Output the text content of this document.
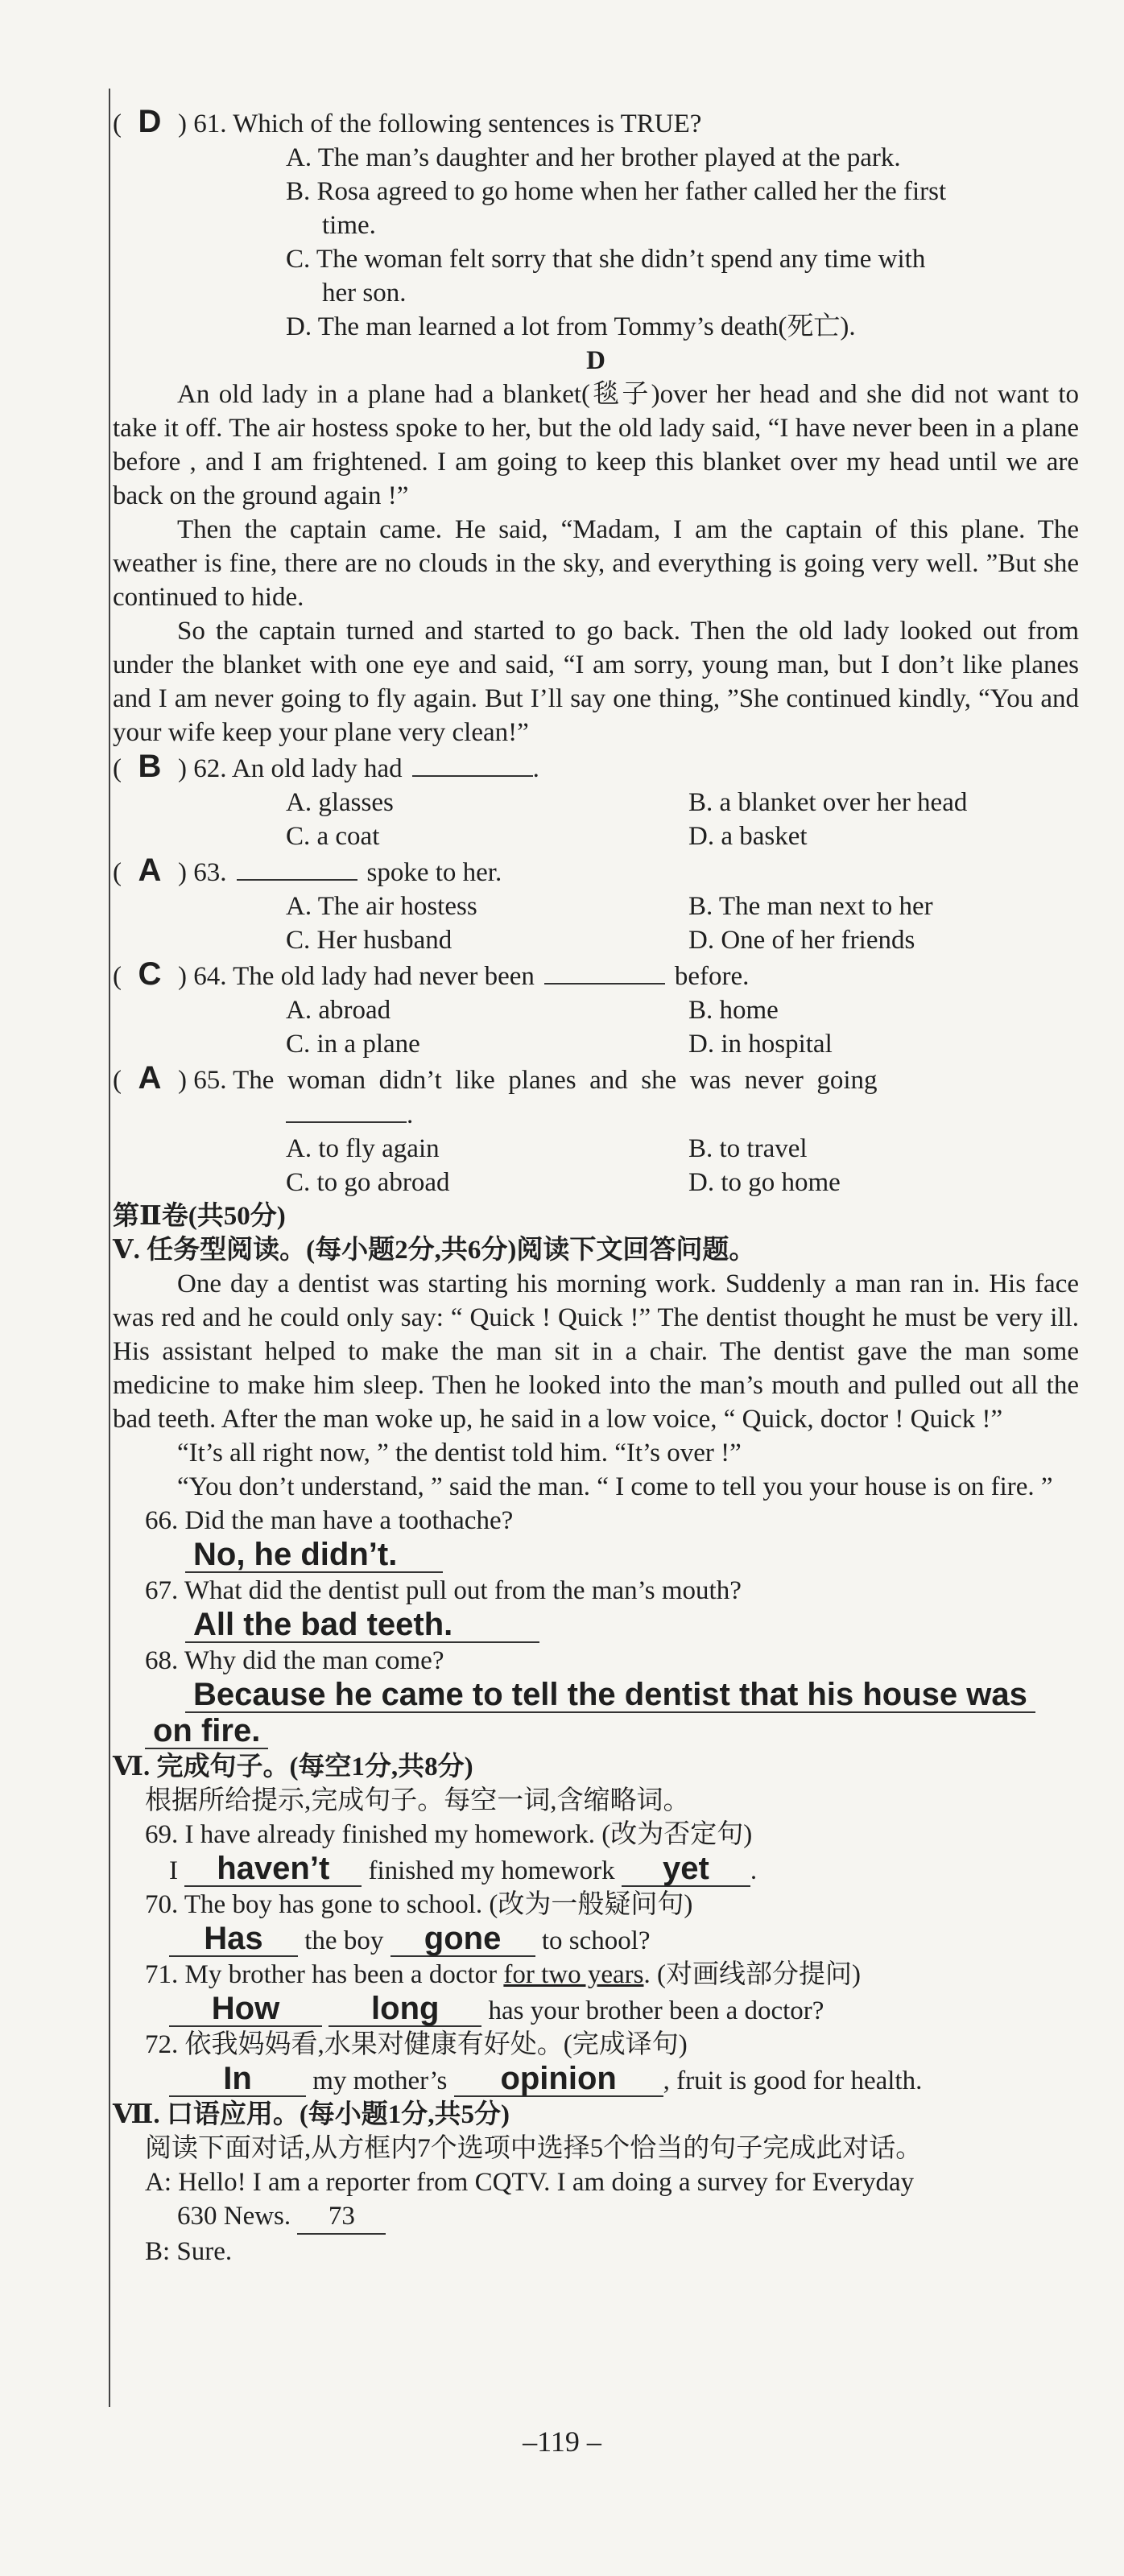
( D ) 61. Which of the following sentences is TRUE?
A. The man’s daughter and her brother played at the park.
B. Rosa agreed to go home when her father called her the first
time.
C. The woman felt sorry that she didn’t spend any time with
her son.
D. The man learned a lot from Tommy’s death(死亡).
D
An old lady in a plane had a blanket(毯子)over her head and she did not want to take it off. The air hostess spoke to her, but the old lady said, “I have never been in a plane before , and I am frightened. I am going to keep this blanket over my head until we are back on the ground again !”
Then the captain came. He said, “Madam, I am the captain of this plane. The weather is fine, there are no clouds in the sky, and everything is going very well. ”But she continued to hide.
So the captain turned and started to go back. Then the old lady looked out from under the blanket with one eye and said, “I am sorry, young man, but I don’t like planes and I am never going to fly again. But I’ll say one thing, ”She continued kindly, “You and your wife keep your plane very clean!”
( B ) 62. An old lady had	.
A. glasses	B. a blanket over her head
C. a coat	D. a basket
( A ) 63.	spoke to her.
A. The air hostess	B. The man next to her
C. Her husband	D. One of her friends
( C ) 64. The old lady had never been	before.
A. abroad	B. home
C. in a plane	D. in hospital
( A ) 65. The  woman  didn’t  like  planes  and  she  was  never  going
.
A. to fly again	B. to travel
C. to go abroad	D. to go home
第Ⅱ卷(共50分)
Ⅴ. 任务型阅读。(每小题2分,共6分)阅读下文回答问题。
One day a dentist was starting his morning work. Suddenly a man ran in. His face was red and he could only say: “ Quick ! Quick !” The dentist thought he must be very ill. His assistant helped to make the man sit in a chair. The dentist gave the man some medicine to make him sleep. Then he looked into the man’s mouth and pulled out all the bad teeth. After the man woke up, he said in a low voice, “ Quick, doctor ! Quick !”
“It’s all right now, ” the dentist told him. “It’s over !”
“You don’t understand, ” said the man. “ I come to tell you your house is on fire. ”
66. Did the man have a toothache?
No, he didn’t.
67. What did the dentist pull out from the man’s mouth?
All the bad teeth.
68. Why did the man come?
Because he came to tell the dentist that his house was
on fire.
Ⅵ. 完成句子。(每空1分,共8分)
根据所给提示,完成句子。每空一词,含缩略词。
69. I have already finished my homework. (改为否定句)
I haven’t finished my homework yet .
70. The boy has gone to school. (改为一般疑问句)
Has the boy gone to school?
71. My brother has been a doctor for two years. (对画线部分提问)
How	long has your brother been a doctor?
72. 依我妈妈看,水果对健康有好处。(完成译句)
In my mother’s opinion , fruit is good for health.
Ⅶ. 口语应用。(每小题1分,共5分)
阅读下面对话,从方框内7个选项中选择5个恰当的句子完成此对话。
A: Hello! I am a reporter from CQTV. I am doing a survey for Everyday
630 News. 73
B: Sure.
–119 –
